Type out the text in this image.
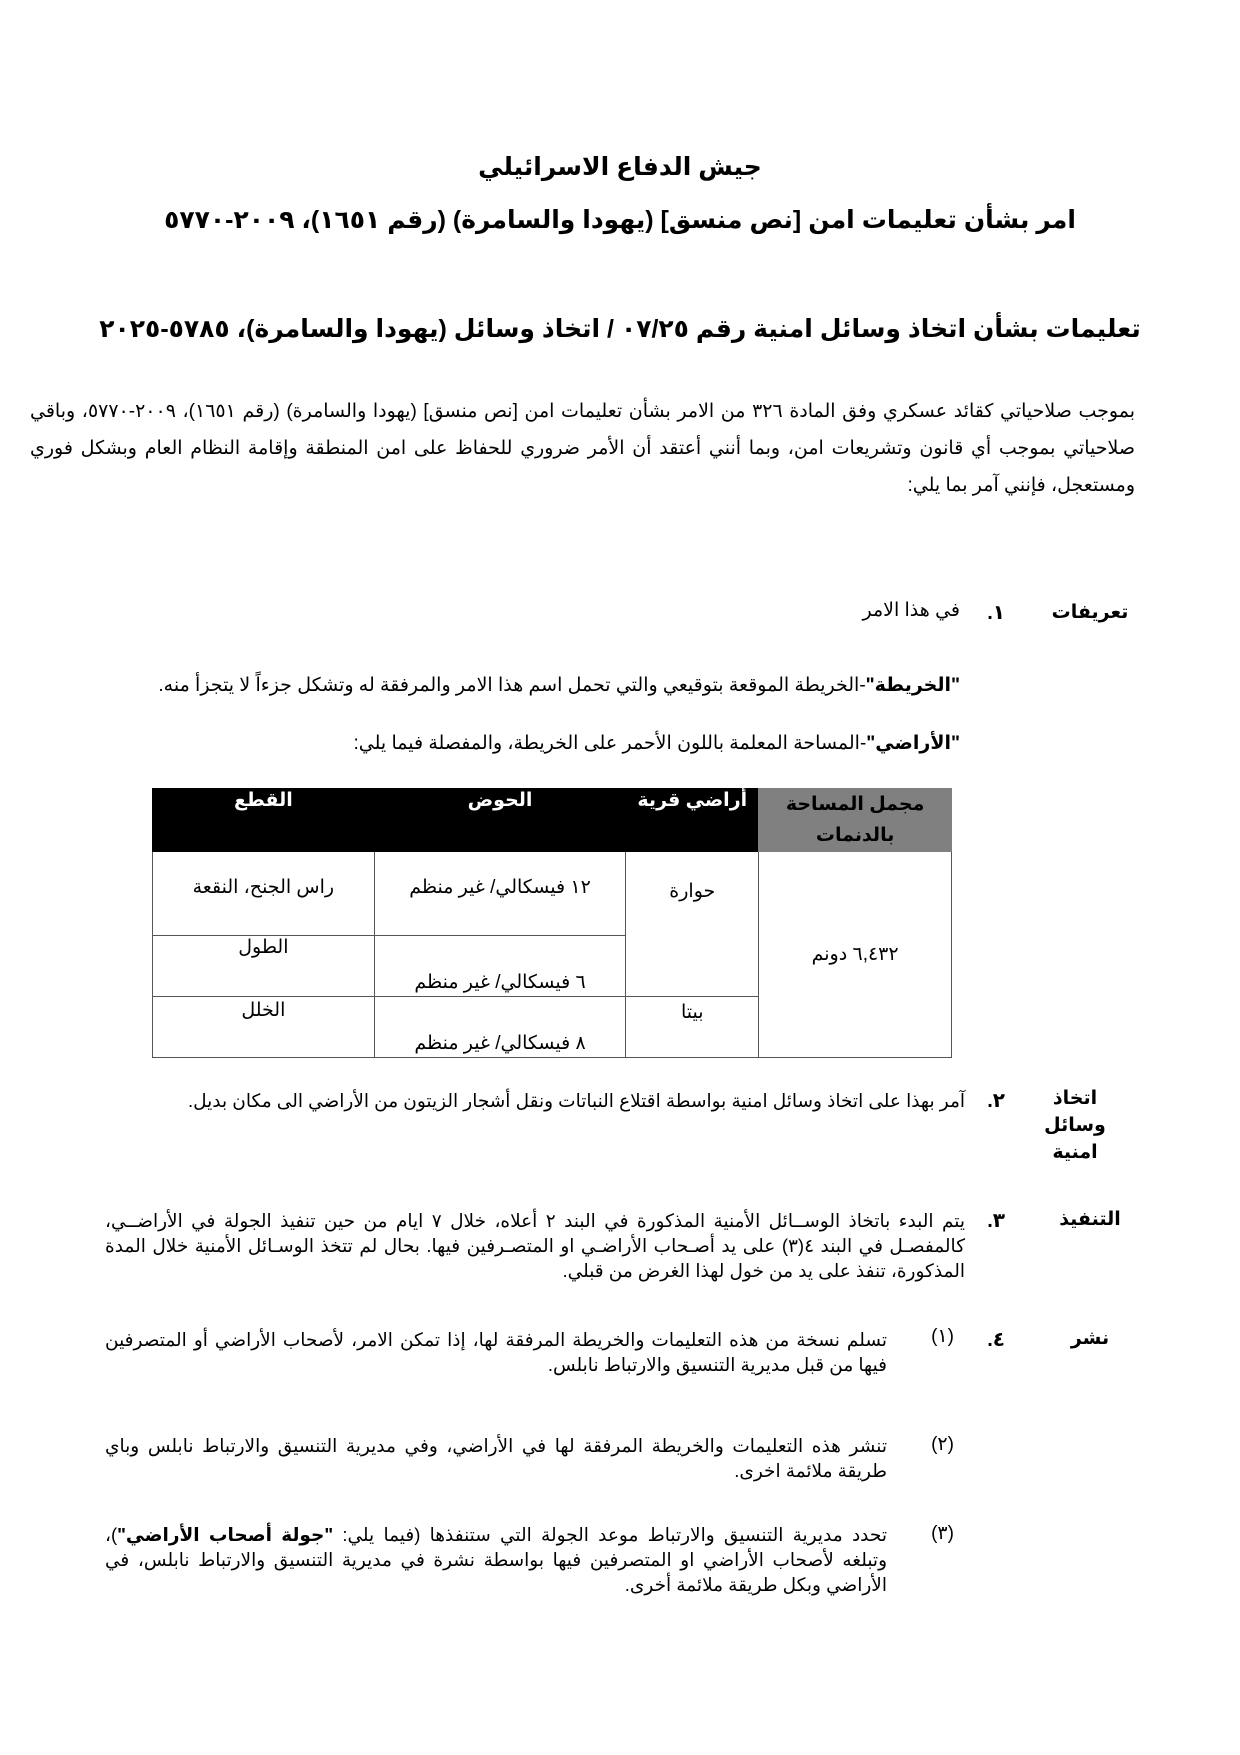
جيش الدفاع الاسرائيلي
امر بشأن تعليمات امن [نص منسق] (يهودا والسامرة) (رقم ١٦٥١)، ٢٠٠٩-٥٧٧٠
تعليمات بشأن اتخاذ وسائل امنية رقم ٠٧/٢٥ / اتخاذ وسائل (يهودا والسامرة)، ٥٧٨٥-٢٠٢٥
بموجب صلاحياتي كقائد عسكري وفق المادة ٣٢٦ من الامر بشأن تعليمات امن [نص منسق] (يهودا والسامرة) (رقم ١٦٥١)، ٢٠٠٩-٥٧٧٠، وباقي صلاحياتي بموجب أي قانون وتشريعات امن، وبما أنني أعتقد أن الأمر ضروري للحفاظ على امن المنطقة وإقامة النظام العام وبشكل فوري ومستعجل، فإنني آمر بما يلي:
تعريفات
١.
في هذا الامر
"الخريطة"-الخريطة الموقعة بتوقيعي والتي تحمل اسم هذا الامر والمرفقة له وتشكل جزءاً لا يتجزأ منه.
"الأراضي"-المساحة المعلمة باللون الأحمر على الخريطة، والمفصلة فيما يلي:
مجمل المساحة بالدنمات	أراضي قرية	الحوض	القطع
٦,٤٣٢ دونم	حوارة	١٢ فيسكالي/ غير منظم	راس الجنح، النقعة
		٦ فيسكالي/ غير منظم	الطول
	بيتا	٨ فيسكالي/ غير منظم	الخلل
اتخاذ وسائل امنية
٢.
آمر بهذا على اتخاذ وسائل امنية بواسطة اقتلاع النباتات ونقل أشجار الزيتون من الأراضي الى مكان بديل.
التنفيذ
٣.
يتم البدء باتخاذ الوســائل الأمنية المذكورة في البند ٢ أعلاه، خلال ٧ ايام من حين تنفيذ الجولة في الأراضــي، كالمفصـل في البند ٤(٣) على يد أصـحاب الأراضـي او المتصـرفين فيها. بحال لم تتخذ الوسـائل الأمنية خلال المدة المذكورة، تنفذ على يد من خول لهذا الغرض من قبلي.
نشر
٤.
(١)
تسلم نسخة من هذه التعليمات والخريطة المرفقة لها، إذا تمكن الامر، لأصحاب الأراضي أو المتصرفين فيها من قبل مديرية التنسيق والارتباط نابلس.
(٢)
تنشر هذه التعليمات والخريطة المرفقة لها في الأراضي، وفي مديرية التنسيق والارتباط نابلس وباي طريقة ملائمة اخرى.
(٣)
تحدد مديرية التنسيق والارتباط موعد الجولة التي ستنفذها (فيما يلي: "جولة أصحاب الأراضي")، وتبلغه لأصحاب الأراضي او المتصرفين فيها بواسطة نشرة في مديرية التنسيق والارتباط نابلس، في الأراضي وبكل طريقة ملائمة أخرى.
